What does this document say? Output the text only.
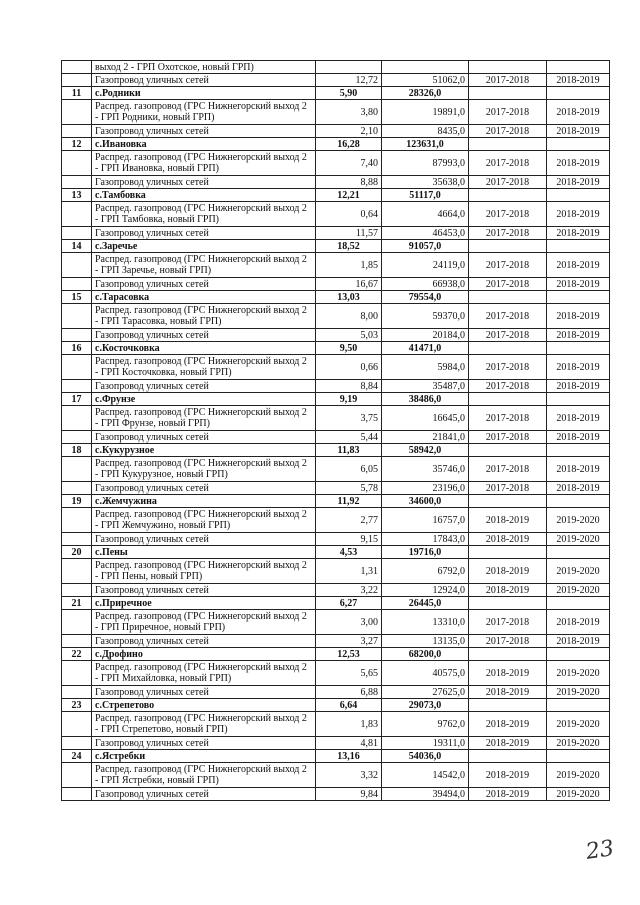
	выход 2 - ГРП Охотское, новый ГРП)				
	Газопровод уличных сетей	12,72	51062,0	2017-2018	2018-2019
11	с.Родники	5,90	28326,0		
	Распред. газопровод (ГРС Нижнегорский выход 2 - ГРП Родники, новый ГРП)	3,80	19891,0	2017-2018	2018-2019
	Газопровод уличных сетей	2,10	8435,0	2017-2018	2018-2019
12	с.Ивановка	16,28	123631,0		
	Распред. газопровод (ГРС Нижнегорский выход 2 - ГРП Ивановка, новый ГРП)	7,40	87993,0	2017-2018	2018-2019
	Газопровод уличных сетей	8,88	35638,0	2017-2018	2018-2019
13	с.Тамбовка	12,21	51117,0		
	Распред. газопровод (ГРС Нижнегорский выход 2 - ГРП Тамбовка, новый ГРП)	0,64	4664,0	2017-2018	2018-2019
	Газопровод уличных сетей	11,57	46453,0	2017-2018	2018-2019
14	с.Заречье	18,52	91057,0		
	Распред. газопровод (ГРС Нижнегорский выход 2 - ГРП Заречье, новый ГРП)	1,85	24119,0	2017-2018	2018-2019
	Газопровод уличных сетей	16,67	66938,0	2017-2018	2018-2019
15	с.Тарасовка	13,03	79554,0		
	Распред. газопровод (ГРС Нижнегорский выход 2 - ГРП Тарасовка, новый ГРП)	8,00	59370,0	2017-2018	2018-2019
	Газопровод уличных сетей	5,03	20184,0	2017-2018	2018-2019
16	с.Косточковка	9,50	41471,0		
	Распред. газопровод (ГРС Нижнегорский выход 2 - ГРП Косточковка, новый ГРП)	0,66	5984,0	2017-2018	2018-2019
	Газопровод уличных сетей	8,84	35487,0	2017-2018	2018-2019
17	с.Фрунзе	9,19	38486,0		
	Распред. газопровод (ГРС Нижнегорский выход 2 - ГРП Фрунзе, новый ГРП)	3,75	16645,0	2017-2018	2018-2019
	Газопровод уличных сетей	5,44	21841,0	2017-2018	2018-2019
18	с.Кукурузное	11,83	58942,0		
	Распред. газопровод (ГРС Нижнегорский выход 2 - ГРП Кукурузное, новый ГРП)	6,05	35746,0	2017-2018	2018-2019
	Газопровод уличных сетей	5,78	23196,0	2017-2018	2018-2019
19	с.Жемчужина	11,92	34600,0		
	Распред. газопровод (ГРС Нижнегорский выход 2 - ГРП Жемчужино, новый ГРП)	2,77	16757,0	2018-2019	2019-2020
	Газопровод уличных сетей	9,15	17843,0	2018-2019	2019-2020
20	с.Пены	4,53	19716,0		
	Распред. газопровод (ГРС Нижнегорский выход 2 - ГРП Пены, новый ГРП)	1,31	6792,0	2018-2019	2019-2020
	Газопровод уличных сетей	3,22	12924,0	2018-2019	2019-2020
21	с.Приречное	6,27	26445,0		
	Распред. газопровод (ГРС Нижнегорский выход 2 - ГРП Приречное, новый ГРП)	3,00	13310,0	2017-2018	2018-2019
	Газопровод уличных сетей	3,27	13135,0	2017-2018	2018-2019
22	с.Дрофино	12,53	68200,0		
	Распред. газопровод (ГРС Нижнегорский выход 2 - ГРП Михайловка, новый ГРП)	5,65	40575,0	2018-2019	2019-2020
	Газопровод уличных сетей	6,88	27625,0	2018-2019	2019-2020
23	с.Стрепетово	6,64	29073,0		
	Распред. газопровод (ГРС Нижнегорский выход 2 - ГРП Стрепетово, новый ГРП)	1,83	9762,0	2018-2019	2019-2020
	Газопровод уличных сетей	4,81	19311,0	2018-2019	2019-2020
24	с.Ястребки	13,16	54036,0		
	Распред. газопровод (ГРС Нижнегорский выход 2 - ГРП Ястребки, новый ГРП)	3,32	14542,0	2018-2019	2019-2020
	Газопровод уличных сетей	9,84	39494,0	2018-2019	2019-2020
23
